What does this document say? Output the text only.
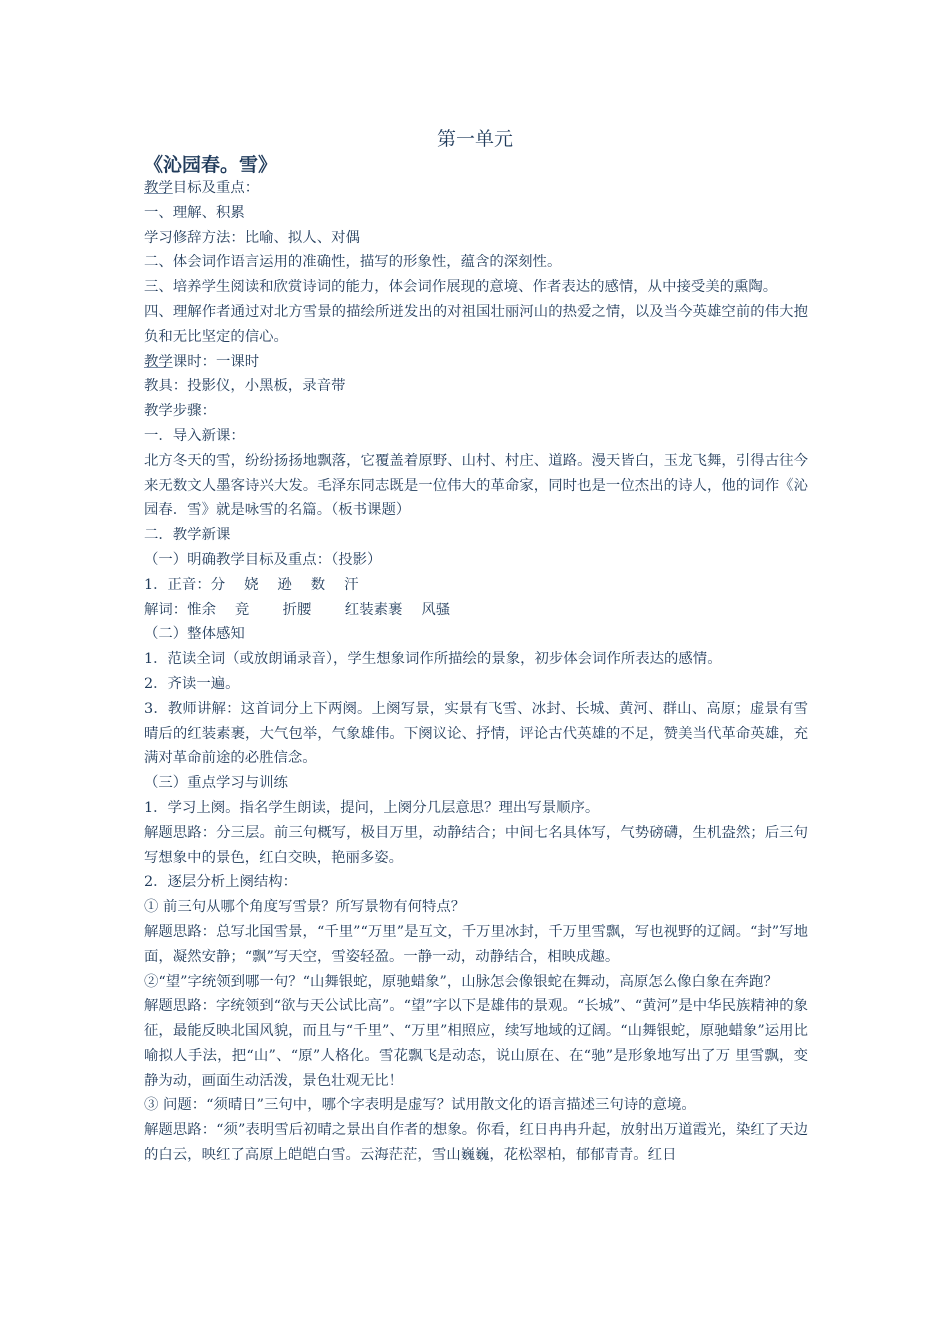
第一单元
《沁园春。雪》

教学目标及重点：

一、理解、积累

学习修辞方法：比喻、拟人、对偶

二、体会词作语言运用的准确性，描写的形象性，蕴含的深刻性。

三、培养学生阅读和欣赏诗词的能力，体会词作展现的意境、作者表达的感情，从中接受美的熏陶。

四、理解作者通过对北方雪景的描绘所迸发出的对祖国壮丽河山的热爱之情，以及当今英雄空前的伟大抱负和无比坚定的信心。

教学课时：一课时

教具：投影仪，小黑板，录音带

教学步骤：

一．导入新课：

北方冬天的雪，纷纷扬扬地飘落，它覆盖着原野、山村、村庄、道路。漫天皆白，玉龙飞舞，引得古往今来无数文人墨客诗兴大发。毛泽东同志既是一位伟大的革命家，同时也是一位杰出的诗人，他的词作《沁园春．雪》就是咏雪的名篇。（板书课题）

二．教学新课

（一）明确教学目标及重点：（投影）

1．正音：分　 娆　 逊　 数　 汗

解词：惟余　 竞　　 折腰　　 红装素裹　 风骚

（二）整体感知

1．范读全词（或放朗诵录音），学生想象词作所描绘的景象，初步体会词作所表达的感情。

2．齐读一遍。

3．教师讲解：这首词分上下两阕。上阕写景，实景有飞雪、冰封、长城、黄河、群山、高原；虚景有雪晴后的红装素裹，大气包举，气象雄伟。下阕议论、抒情，评论古代英雄的不足，赞美当代革命英雄，充满对革命前途的必胜信念。

（三）重点学习与训练

1．学习上阕。指名学生朗读，提问，上阕分几层意思？理出写景顺序。

解题思路：分三层。前三句概写，极目万里，动静结合；中间七名具体写，气势磅礴，生机盎然；后三句写想象中的景色，红白交映，艳丽多姿。

2．逐层分析上阕结构：

① 前三句从哪个角度写雪景？所写景物有何特点？

解题思路：总写北国雪景，“千里”“万里”是互文，千万里冰封，千万里雪飘，写也视野的辽阔。“封”写地面，凝然安静；“飘”写天空，雪姿轻盈。一静一动，动静结合，相映成趣。

②“望”字统领到哪一句？“山舞银蛇，原驰蜡象”，山脉怎会像银蛇在舞动，高原怎么像白象在奔跑？

解题思路：字统领到“欲与天公试比高”。“望”字以下是雄伟的景观。“长城”、“黄河”是中华民族精神的象征，最能反映北国风貌，而且与“千里”、“万里”相照应，续写地域的辽阔。“山舞银蛇，原驰蜡象”运用比喻拟人手法，把“山”、“原”人格化。雪花飘飞是动态，说山原在、在“驰”是形象地写出了万 里雪飘，变静为动，画面生动活泼，景色壮观无比！

③ 问题：“须晴日”三句中，哪个字表明是虚写？试用散文化的语言描述三句诗的意境。

解题思路：“须”表明雪后初晴之景出自作者的想象。你看，红日冉冉升起，放射出万道霞光，染红了天边的白云，映红了高原上皑皑白雪。云海茫茫，雪山巍巍，花松翠柏，郁郁青青。红日
